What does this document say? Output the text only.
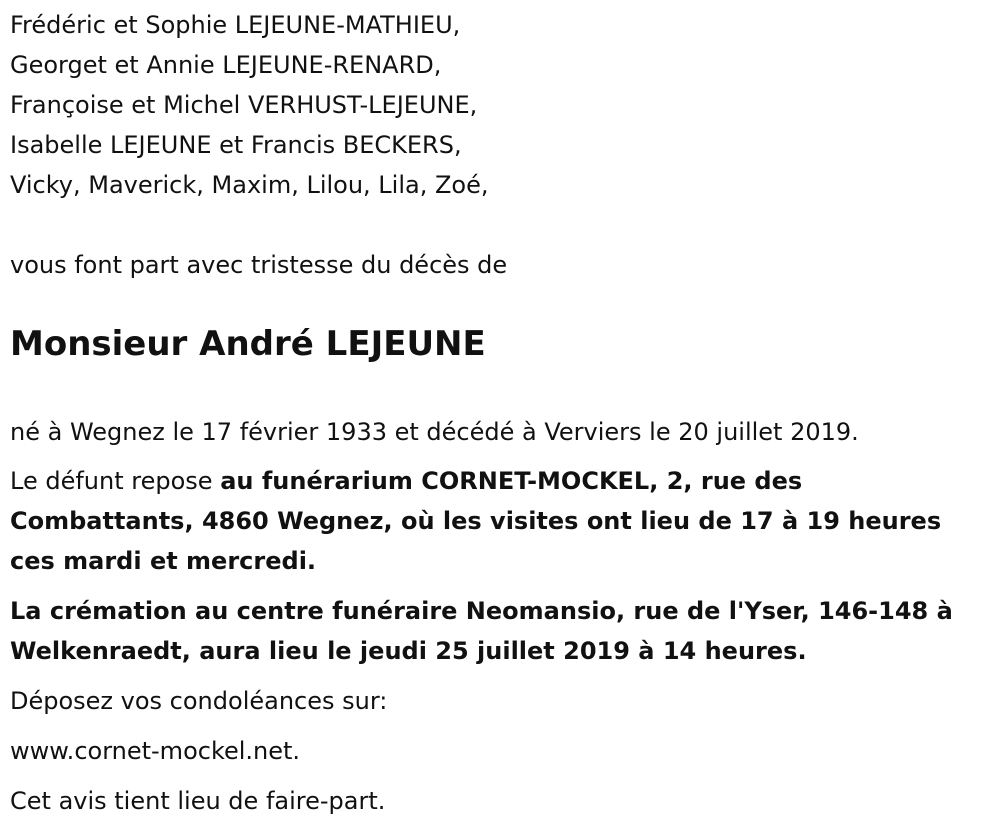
Frédéric et Sophie LEJEUNE-MATHIEU,
Georget et Annie LEJEUNE-RENARD,
Françoise et Michel VERHUST-LEJEUNE,
Isabelle LEJEUNE et Francis BECKERS,
Vicky, Maverick, Maxim, Lilou, Lila, Zoé,
vous font part avec tristesse du décès de
Monsieur André LEJEUNE

né à Wegnez le 17 février 1933 et décédé à Verviers le 20 juillet 2019.

Le défunt repose au funérarium CORNET-MOCKEL, 2, rue des Combattants, 4860 Wegnez, où les visites ont lieu de 17 à 19 heures ces mardi et mercredi.

La crémation au centre funéraire Neomansio, rue de l'Yser, 146-148 à Welkenraedt, aura lieu le jeudi 25 juillet 2019 à 14 heures.

Déposez vos condoléances sur:

www.cornet-mockel.net.

Cet avis tient lieu de faire-part.
